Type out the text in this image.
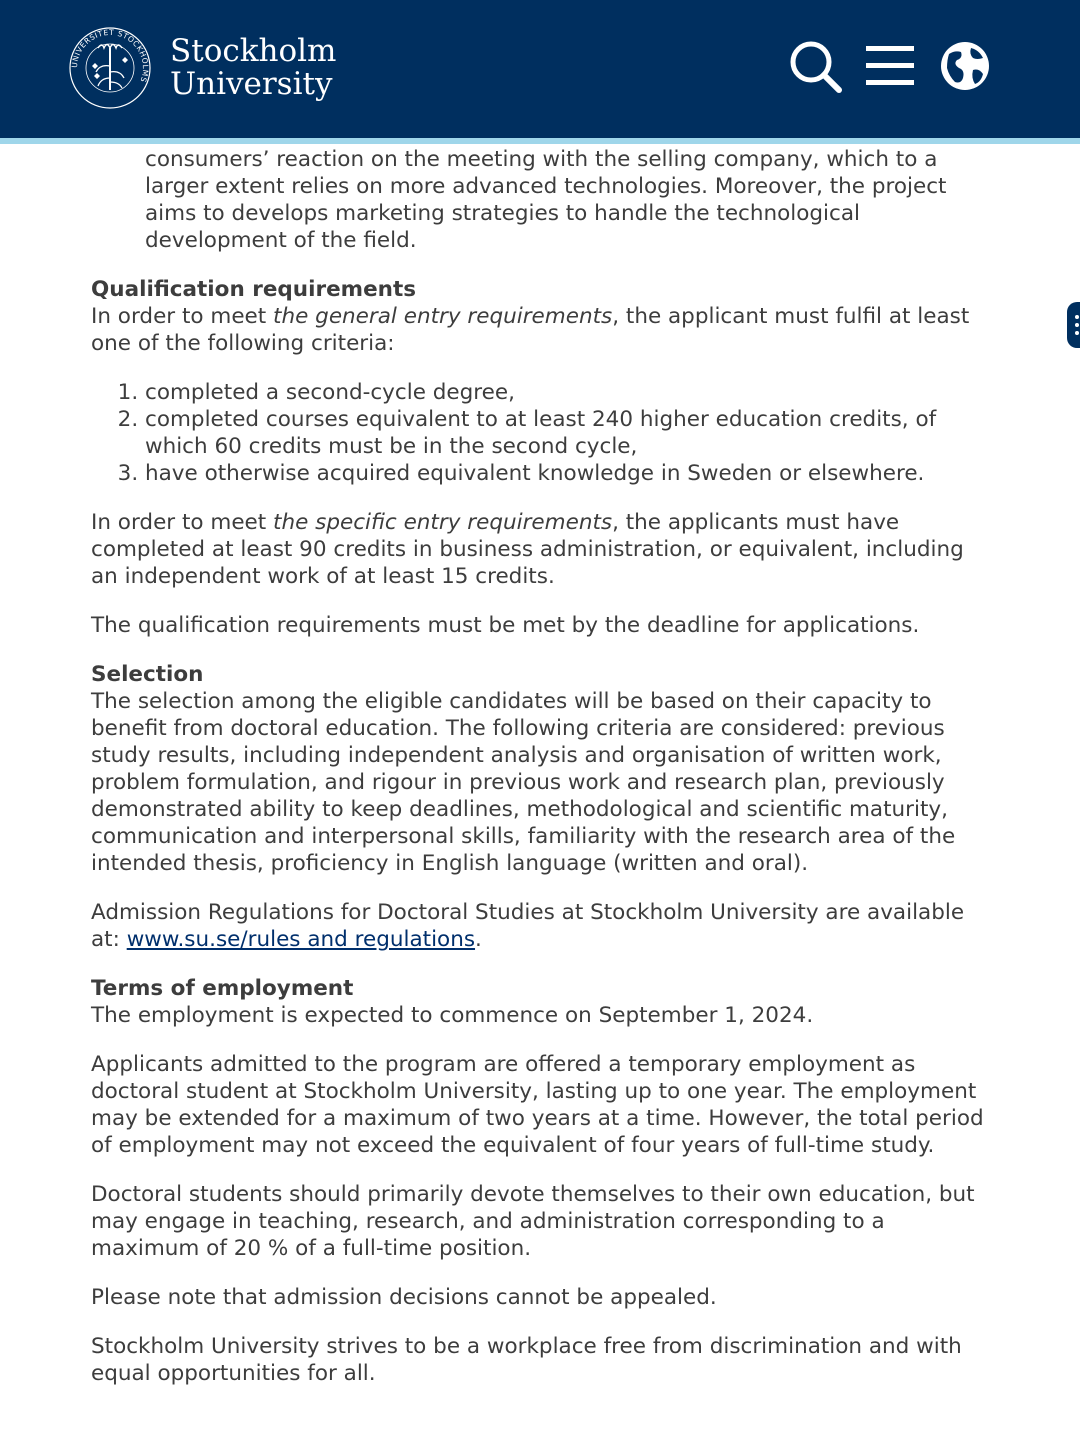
UNIVERSITET STOCKHOLMS
Stockholm
University

consumers’ reaction on the meeting with the selling company, which to a larger extent relies on more advanced technologies. Moreover, the project aims to develops marketing strategies to handle the technological development of the field.

Qualification requirements

In order to meet the general entry requirements, the applicant must fulfil at least one of the following criteria:

1. completed a second-cycle degree,
2. completed courses equivalent to at least 240 higher education credits, of which 60 credits must be in the second cycle,
3. have otherwise acquired equivalent knowledge in Sweden or elsewhere.

In order to meet the specific entry requirements, the applicants must have completed at least 90 credits in business administration, or equivalent, including an independent work of at least 15 credits.

The qualification requirements must be met by the deadline for applications.

Selection

The selection among the eligible candidates will be based on their capacity to benefit from doctoral education. The following criteria are considered: previous study results, including independent analysis and organisation of written work, problem formulation, and rigour in previous work and research plan, previously demonstrated ability to keep deadlines, methodological and scientific maturity, communication and interpersonal skills, familiarity with the research area of the intended thesis, proficiency in English language (written and oral).

Admission Regulations for Doctoral Studies at Stockholm University are available at: www.su.se/rules and regulations.

Terms of employment

The employment is expected to commence on September 1, 2024.

Applicants admitted to the program are offered a temporary employment as doctoral student at Stockholm University, lasting up to one year. The employment may be extended for a maximum of two years at a time. However, the total period of employment may not exceed the equivalent of four years of full-time study.

Doctoral students should primarily devote themselves to their own education, but may engage in teaching, research, and administration corresponding to a maximum of 20 % of a full-time position.

Please note that admission decisions cannot be appealed.

Stockholm University strives to be a workplace free from discrimination and with equal opportunities for all.
